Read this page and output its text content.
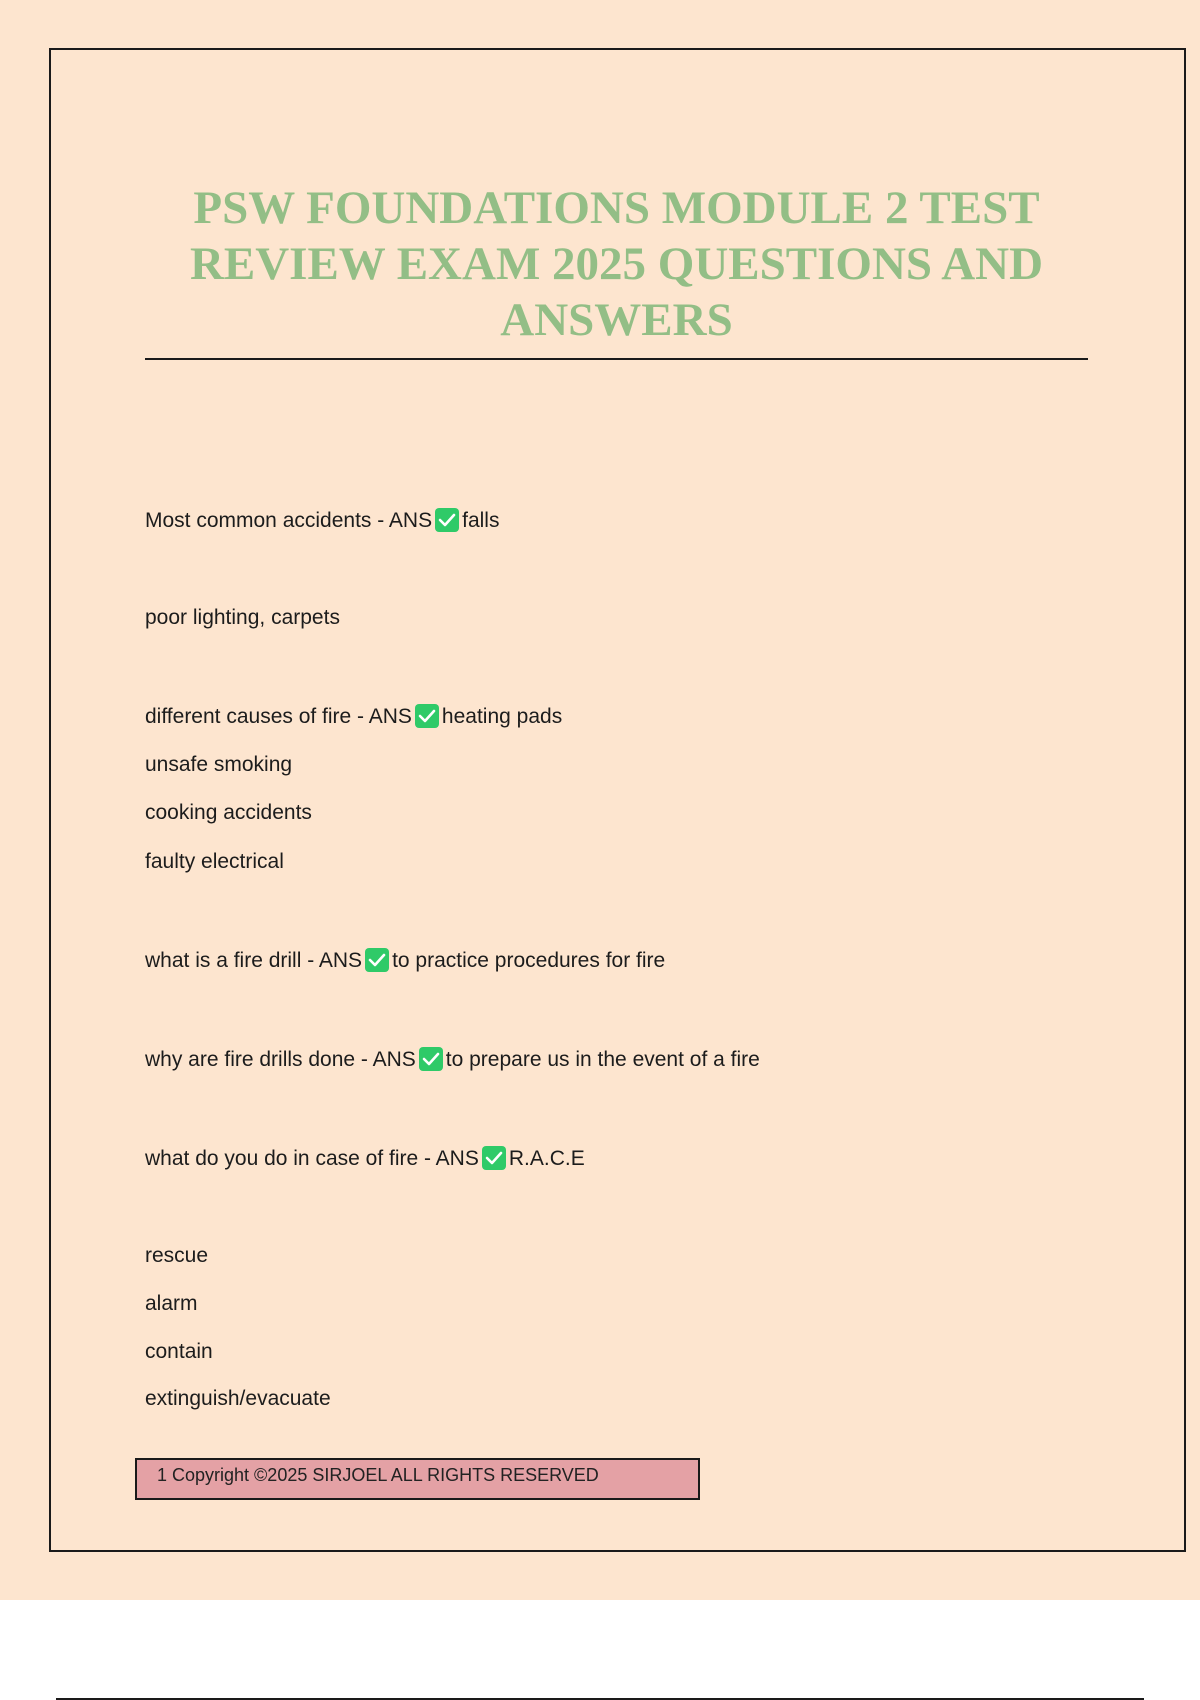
PSW FOUNDATIONS MODULE 2 TEST REVIEW EXAM 2025 QUESTIONS AND ANSWERS
Most common accidents - ANS falls
poor lighting, carpets
different causes of fire - ANS heating pads
unsafe smoking
cooking accidents
faulty electrical
what is a fire drill - ANS to practice procedures for fire
why are fire drills done - ANS to prepare us in the event of a fire
what do you do in case of fire - ANS R.A.C.E
rescue
alarm
contain
extinguish/evacuate
1 Copyright ©2025 SIRJOEL ALL RIGHTS RESERVED
